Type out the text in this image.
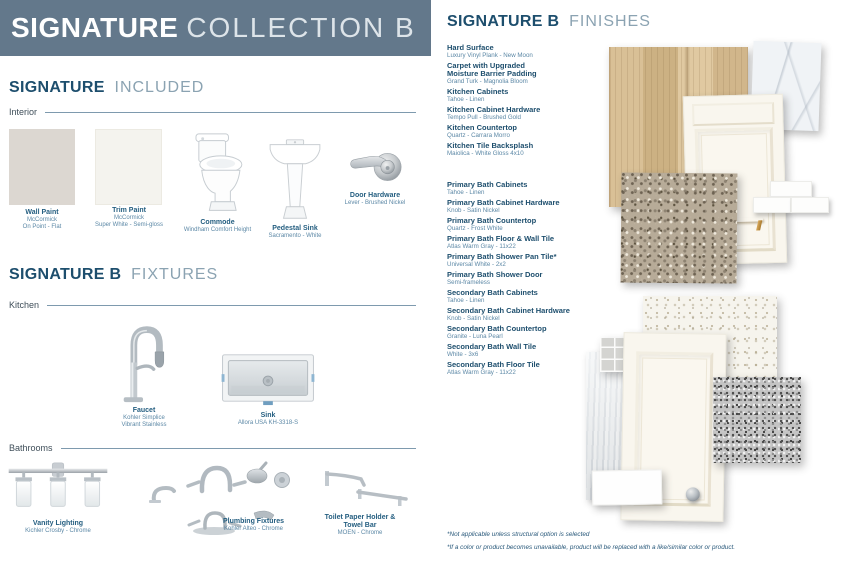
SIGNATURE COLLECTION B
SIGNATURE INCLUDED
Interior
Wall Paint
McCormick
On Point - Flat
Trim Paint
McCormick
Super White - Semi-gloss	Commode
Windham Comfort Height	Pedestal Sink
Sacramento - White
Door Hardware
Lever - Brushed Nickel
SIGNATURE B FIXTURES
Kitchen
Faucet
Kohler Simplice
Vibrant Stainless
Sink
Allora USA KH-3318-S
Bathrooms
Vanity Lighting
Kichler Crosby - Chrome
Plumbing Fixtures
Kohler Alteo - Chrome
Toilet Paper Holder &
Towel Bar
MOEN - Chrome
SIGNATURE B FINISHES
Hard Surface
Luxury Vinyl Plank - New Moon
Carpet with Upgraded
Moisture Barrier Padding
Grand Turk - Magnolia Bloom
Kitchen Cabinets
Tahoe - Linen
Kitchen Cabinet Hardware
Tempo Pull - Brushed Gold
Kitchen Countertop
Quartz - Carrara Morro
Kitchen Tile Backsplash
Maiolica - White Gloss 4x10
Primary Bath Cabinets
Tahoe - Linen
Primary Bath Cabinet Hardware
Knob - Satin Nickel
Primary Bath Countertop
Quartz - Frost White
Primary Bath Floor & Wall Tile
Atlas Warm Gray - 11x22
Primary Bath Shower Pan Tile*
Universal White - 2x2
Primary Bath Shower Door
Semi-frameless
Secondary Bath Cabinets
Tahoe - Linen
Secondary Bath Cabinet Hardware
Knob - Satin Nickel
Secondary Bath Countertop
Granite - Luna Pearl
Secondary Bath Wall Tile
White - 3x6
Secondary Bath Floor Tile
Atlas Warm Gray - 11x22
*Not applicable unless structural option is selected
*If a color or product becomes unavailable, product will be replaced with a like/similar color or product.
